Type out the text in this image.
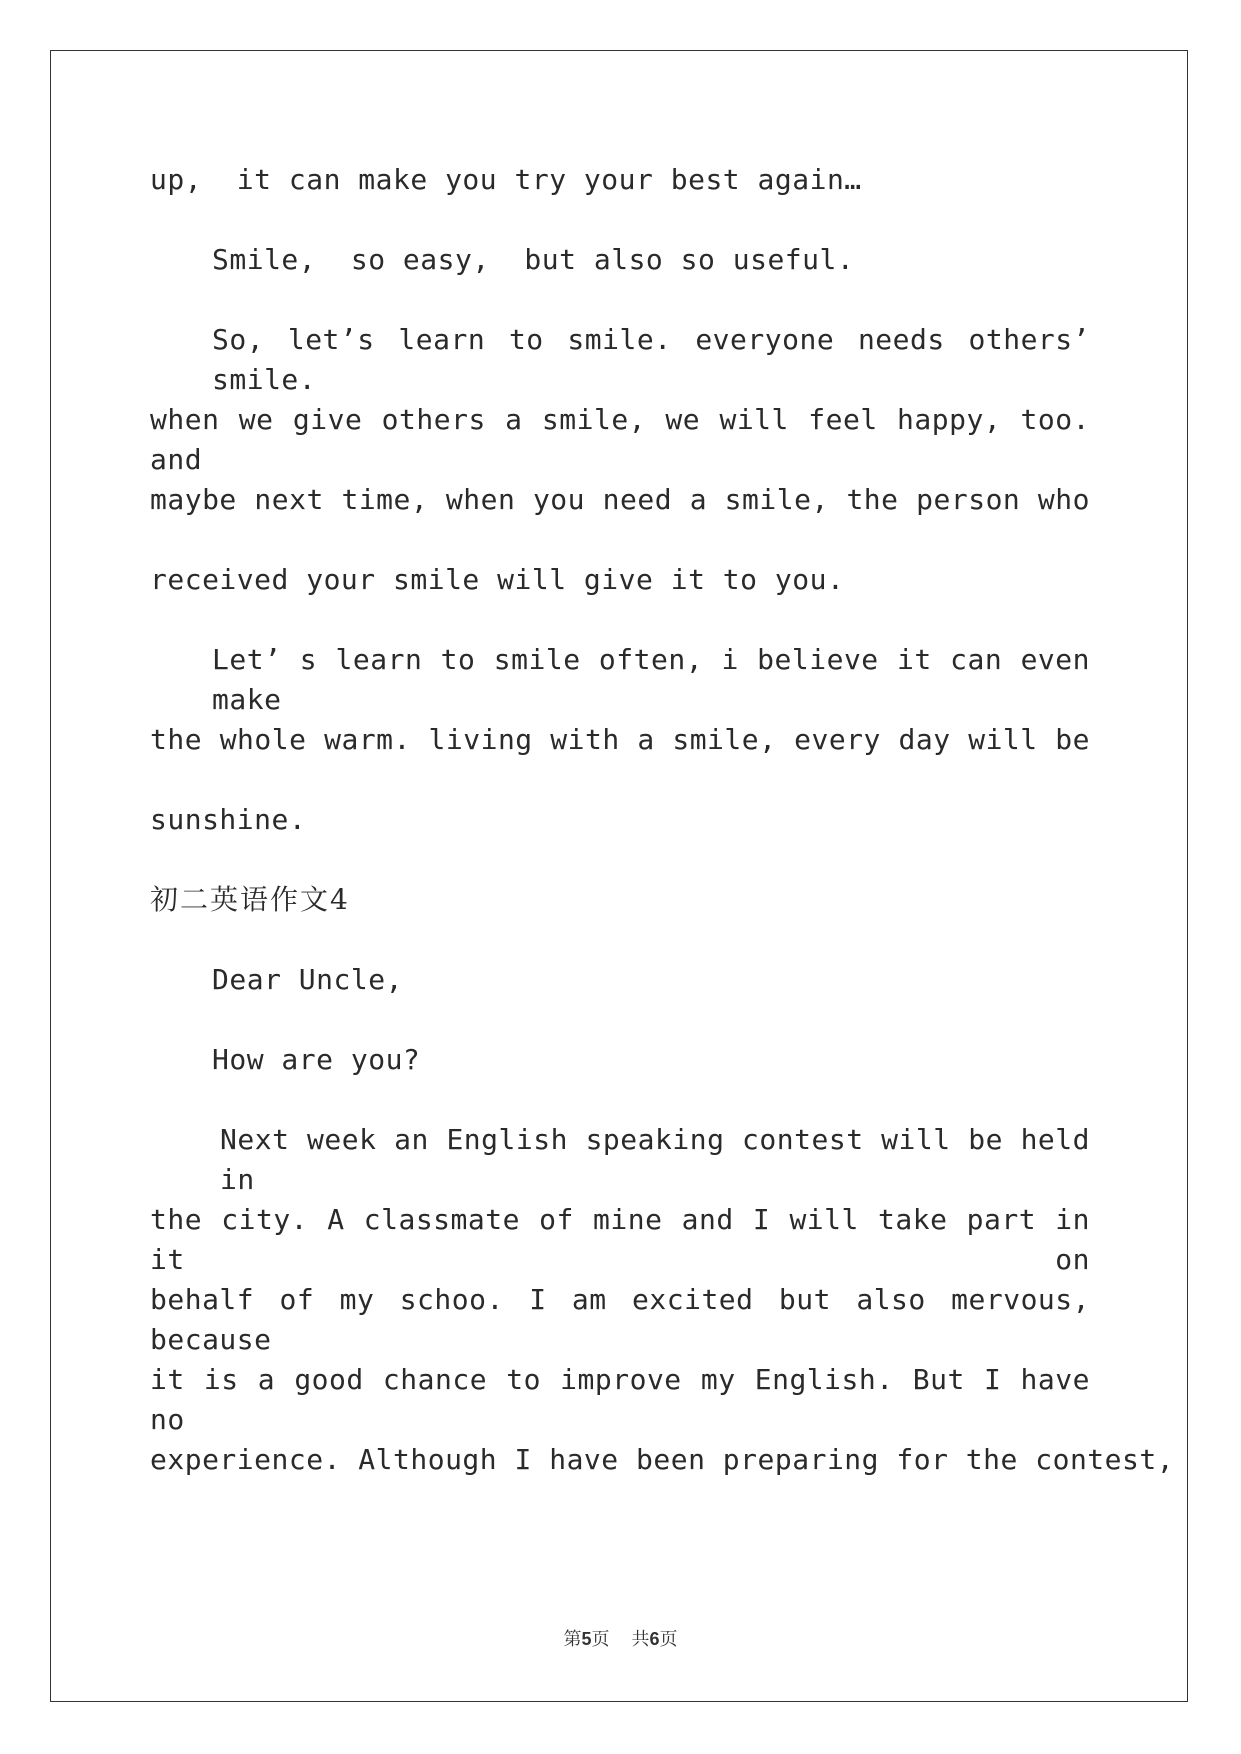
up,  it can make you try your best again…
Smile,  so easy,  but also so useful.
So, let’s learn to smile. everyone needs others’ smile.
when we give others a smile, we will feel happy, too. and
maybe next time, when you need a smile, the person who
received your smile will give it to you.
Let’ s learn to smile often, i believe it can even make
the whole warm. living with a smile, every day will be
sunshine.
初二英语作文4
Dear Uncle,
How are you?
Next week an English speaking contest will be held in
the city. A classmate of mine and I will take part in it on
behalf of my schoo. I am excited but also mervous, because
it is a good chance to improve my English. But I have no
experience. Although I have been preparing for the contest,
第5页 共6页
